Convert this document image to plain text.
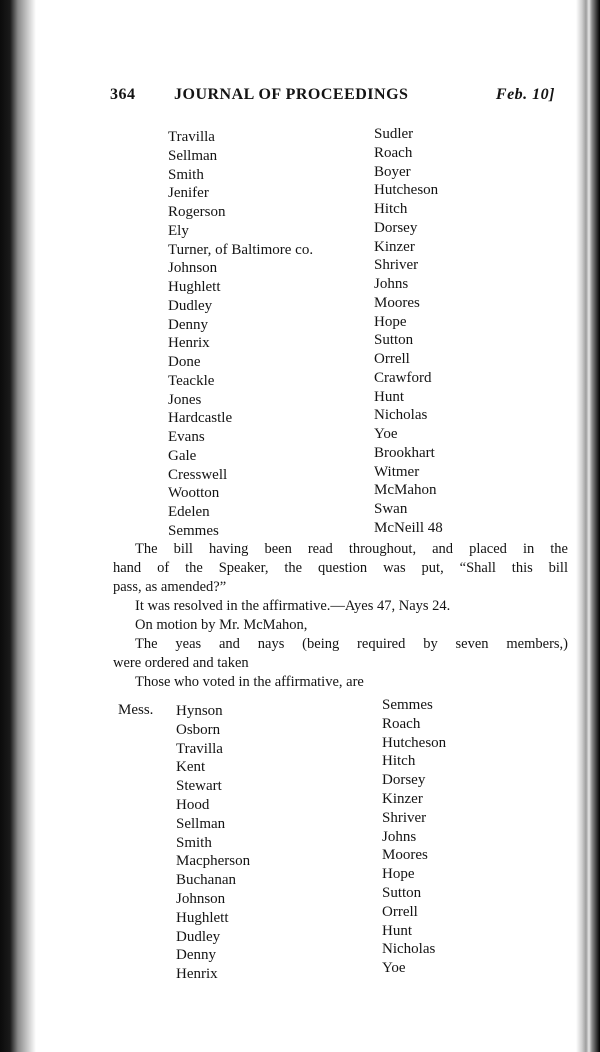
364 JOURNAL OF PROCEEDINGS	Feb. 10]
Travilla
Sellman
Smith
Jenifer
Rogerson
Ely
Turner, of Baltimore co.
Johnson
Hughlett
Dudley
Denny
Henrix
Done
Teackle
Jones
Hardcastle
Evans
Gale
Cresswell
Wootton
Edelen
Semmes
Sudler
Roach
Boyer
Hutcheson
Hitch
Dorsey
Kinzer
Shriver
Johns
Moores
Hope
Sutton
Orrell
Crawford
Hunt
Nicholas
Yoe
Brookhart
Witmer
McMahon
Swan
McNeill 48

The bill having been read throughout, and placed in the

hand of the Speaker, the question was put, “Shall this bill

pass, as amended?”

It was resolved in the affirmative.—Ayes 47, Nays 24.

On motion by Mr. McMahon,

The yeas and nays (being required by seven members,)

were ordered and taken

Those who voted in the affirmative, are

Mess. Hynson
Osborn
Travilla
Kent
Stewart
Hood
Sellman
Smith
Macpherson
Buchanan
Johnson
Hughlett
Dudley
Denny
Henrix
Semmes
Roach
Hutcheson
Hitch
Dorsey
Kinzer
Shriver
Johns
Moores
Hope
Sutton
Orrell
Hunt
Nicholas
Yoe
